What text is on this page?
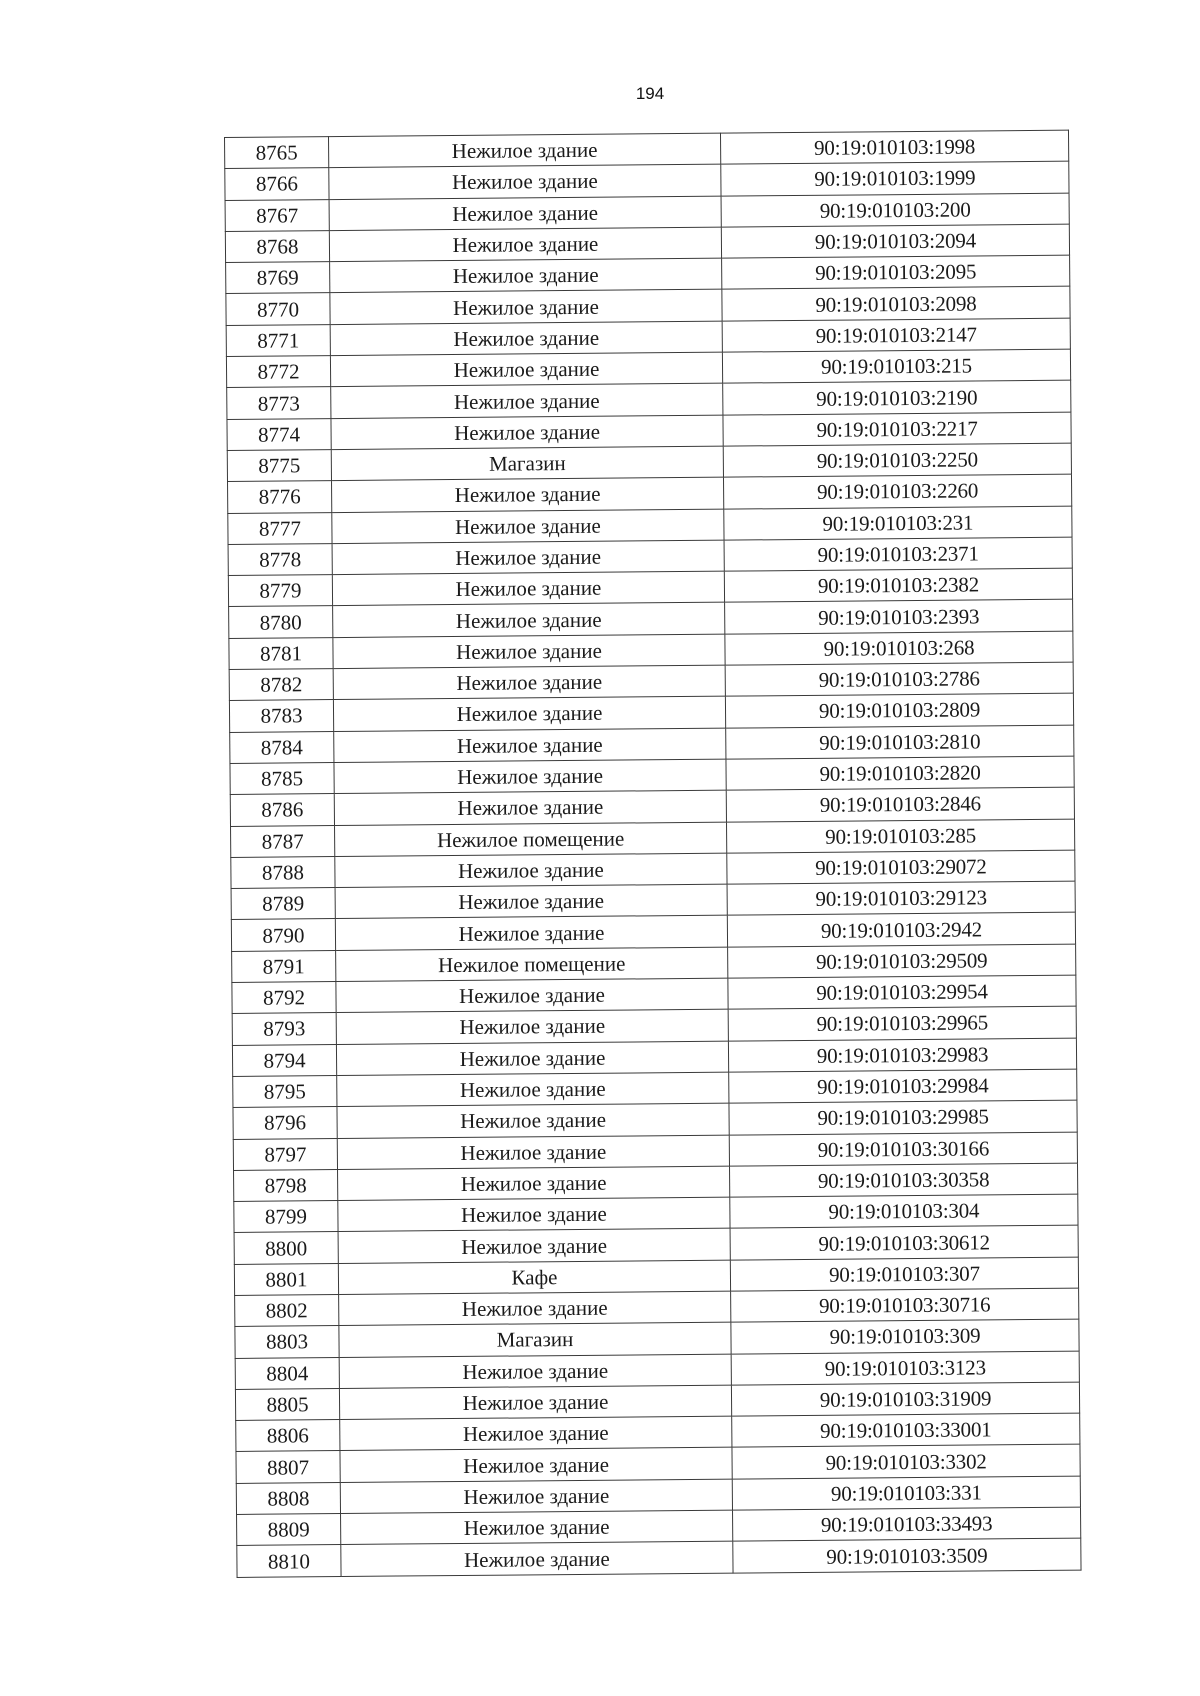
194
8765	Нежилое здание	90:19:010103:1998
8766	Нежилое здание	90:19:010103:1999
8767	Нежилое здание	90:19:010103:200
8768	Нежилое здание	90:19:010103:2094
8769	Нежилое здание	90:19:010103:2095
8770	Нежилое здание	90:19:010103:2098
8771	Нежилое здание	90:19:010103:2147
8772	Нежилое здание	90:19:010103:215
8773	Нежилое здание	90:19:010103:2190
8774	Нежилое здание	90:19:010103:2217
8775	Магазин	90:19:010103:2250
8776	Нежилое здание	90:19:010103:2260
8777	Нежилое здание	90:19:010103:231
8778	Нежилое здание	90:19:010103:2371
8779	Нежилое здание	90:19:010103:2382
8780	Нежилое здание	90:19:010103:2393
8781	Нежилое здание	90:19:010103:268
8782	Нежилое здание	90:19:010103:2786
8783	Нежилое здание	90:19:010103:2809
8784	Нежилое здание	90:19:010103:2810
8785	Нежилое здание	90:19:010103:2820
8786	Нежилое здание	90:19:010103:2846
8787	Нежилое помещение	90:19:010103:285
8788	Нежилое здание	90:19:010103:29072
8789	Нежилое здание	90:19:010103:29123
8790	Нежилое здание	90:19:010103:2942
8791	Нежилое помещение	90:19:010103:29509
8792	Нежилое здание	90:19:010103:29954
8793	Нежилое здание	90:19:010103:29965
8794	Нежилое здание	90:19:010103:29983
8795	Нежилое здание	90:19:010103:29984
8796	Нежилое здание	90:19:010103:29985
8797	Нежилое здание	90:19:010103:30166
8798	Нежилое здание	90:19:010103:30358
8799	Нежилое здание	90:19:010103:304
8800	Нежилое здание	90:19:010103:30612
8801	Кафе	90:19:010103:307
8802	Нежилое здание	90:19:010103:30716
8803	Магазин	90:19:010103:309
8804	Нежилое здание	90:19:010103:3123
8805	Нежилое здание	90:19:010103:31909
8806	Нежилое здание	90:19:010103:33001
8807	Нежилое здание	90:19:010103:3302
8808	Нежилое здание	90:19:010103:331
8809	Нежилое здание	90:19:010103:33493
8810	Нежилое здание	90:19:010103:3509
